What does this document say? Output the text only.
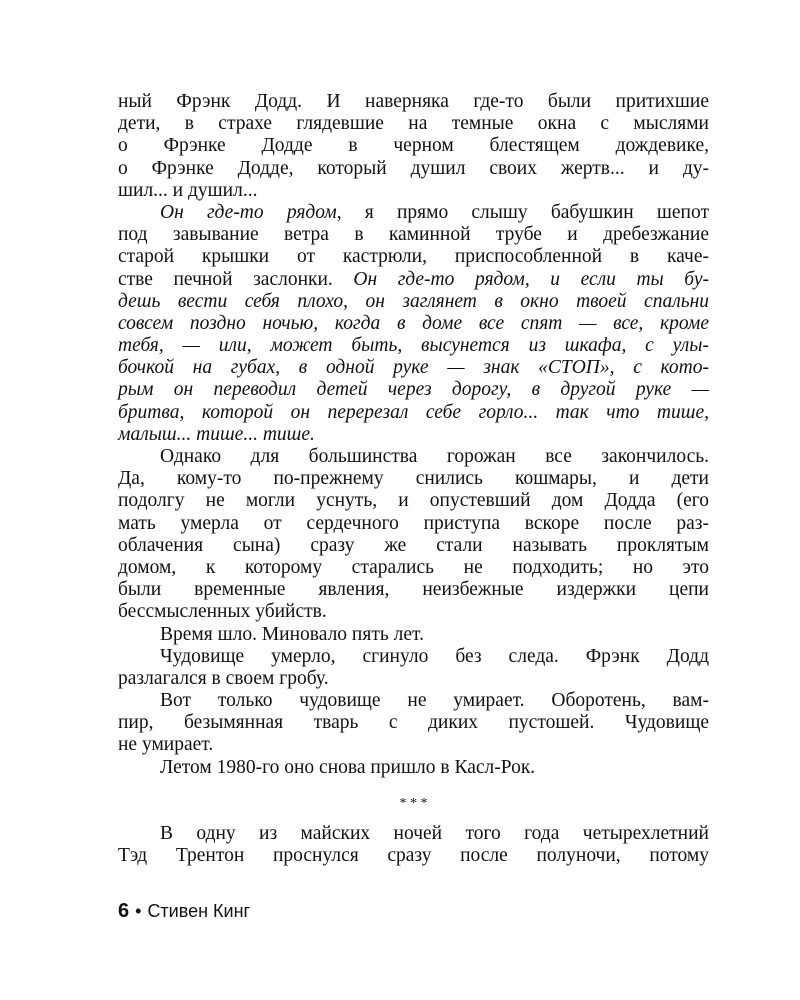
ный Фрэнк Додд. И наверняка где-то были притихшие
дети, в страхе глядевшие на темные окна с мыслями
о Фрэнке Додде в черном блестящем дождевике,
о Фрэнке Додде, который душил своих жертв... и ду-
шил... и душил...
Он где-то рядом, я прямо слышу бабушкин шепот
под завывание ветра в каминной трубе и дребезжание
старой крышки от кастрюли, приспособленной в каче-
стве печной заслонки. Он где-то рядом, и если ты бу-
дешь вести себя плохо, он заглянет в окно твоей спальни
совсем поздно ночью, когда в доме все спят — все, кроме
тебя, — или, может быть, высунется из шкафа, с улы-
бочкой на губах, в одной руке — знак «СТОП», с кото-
рым он переводил детей через дорогу, в другой руке —
бритва, которой он перерезал себе горло... так что тише,
малыш... тише... тише.
Однако для большинства горожан все закончилось.
Да, кому-то по-прежнему снились кошмары, и дети
подолгу не могли уснуть, и опустевший дом Додда (его
мать умерла от сердечного приступа вскоре после раз-
облачения сына) сразу же стали называть проклятым
домом, к которому старались не подходить; но это
были временные явления, неизбежные издержки цепи
бессмысленных убийств.
Время шло. Миновало пять лет.
Чудовище умерло, сгинуло без следа. Фрэнк Додд
разлагался в своем гробу.
Вот только чудовище не умирает. Оборотень, вам-
пир, безымянная тварь с диких пустошей. Чудовище
не умирает.
Летом 1980-го оно снова пришло в Касл-Рок.
* * *
В одну из майских ночей того года четырехлетний
Тэд Трентон проснулся сразу после полуночи, потому
6 • Стивен Кинг
